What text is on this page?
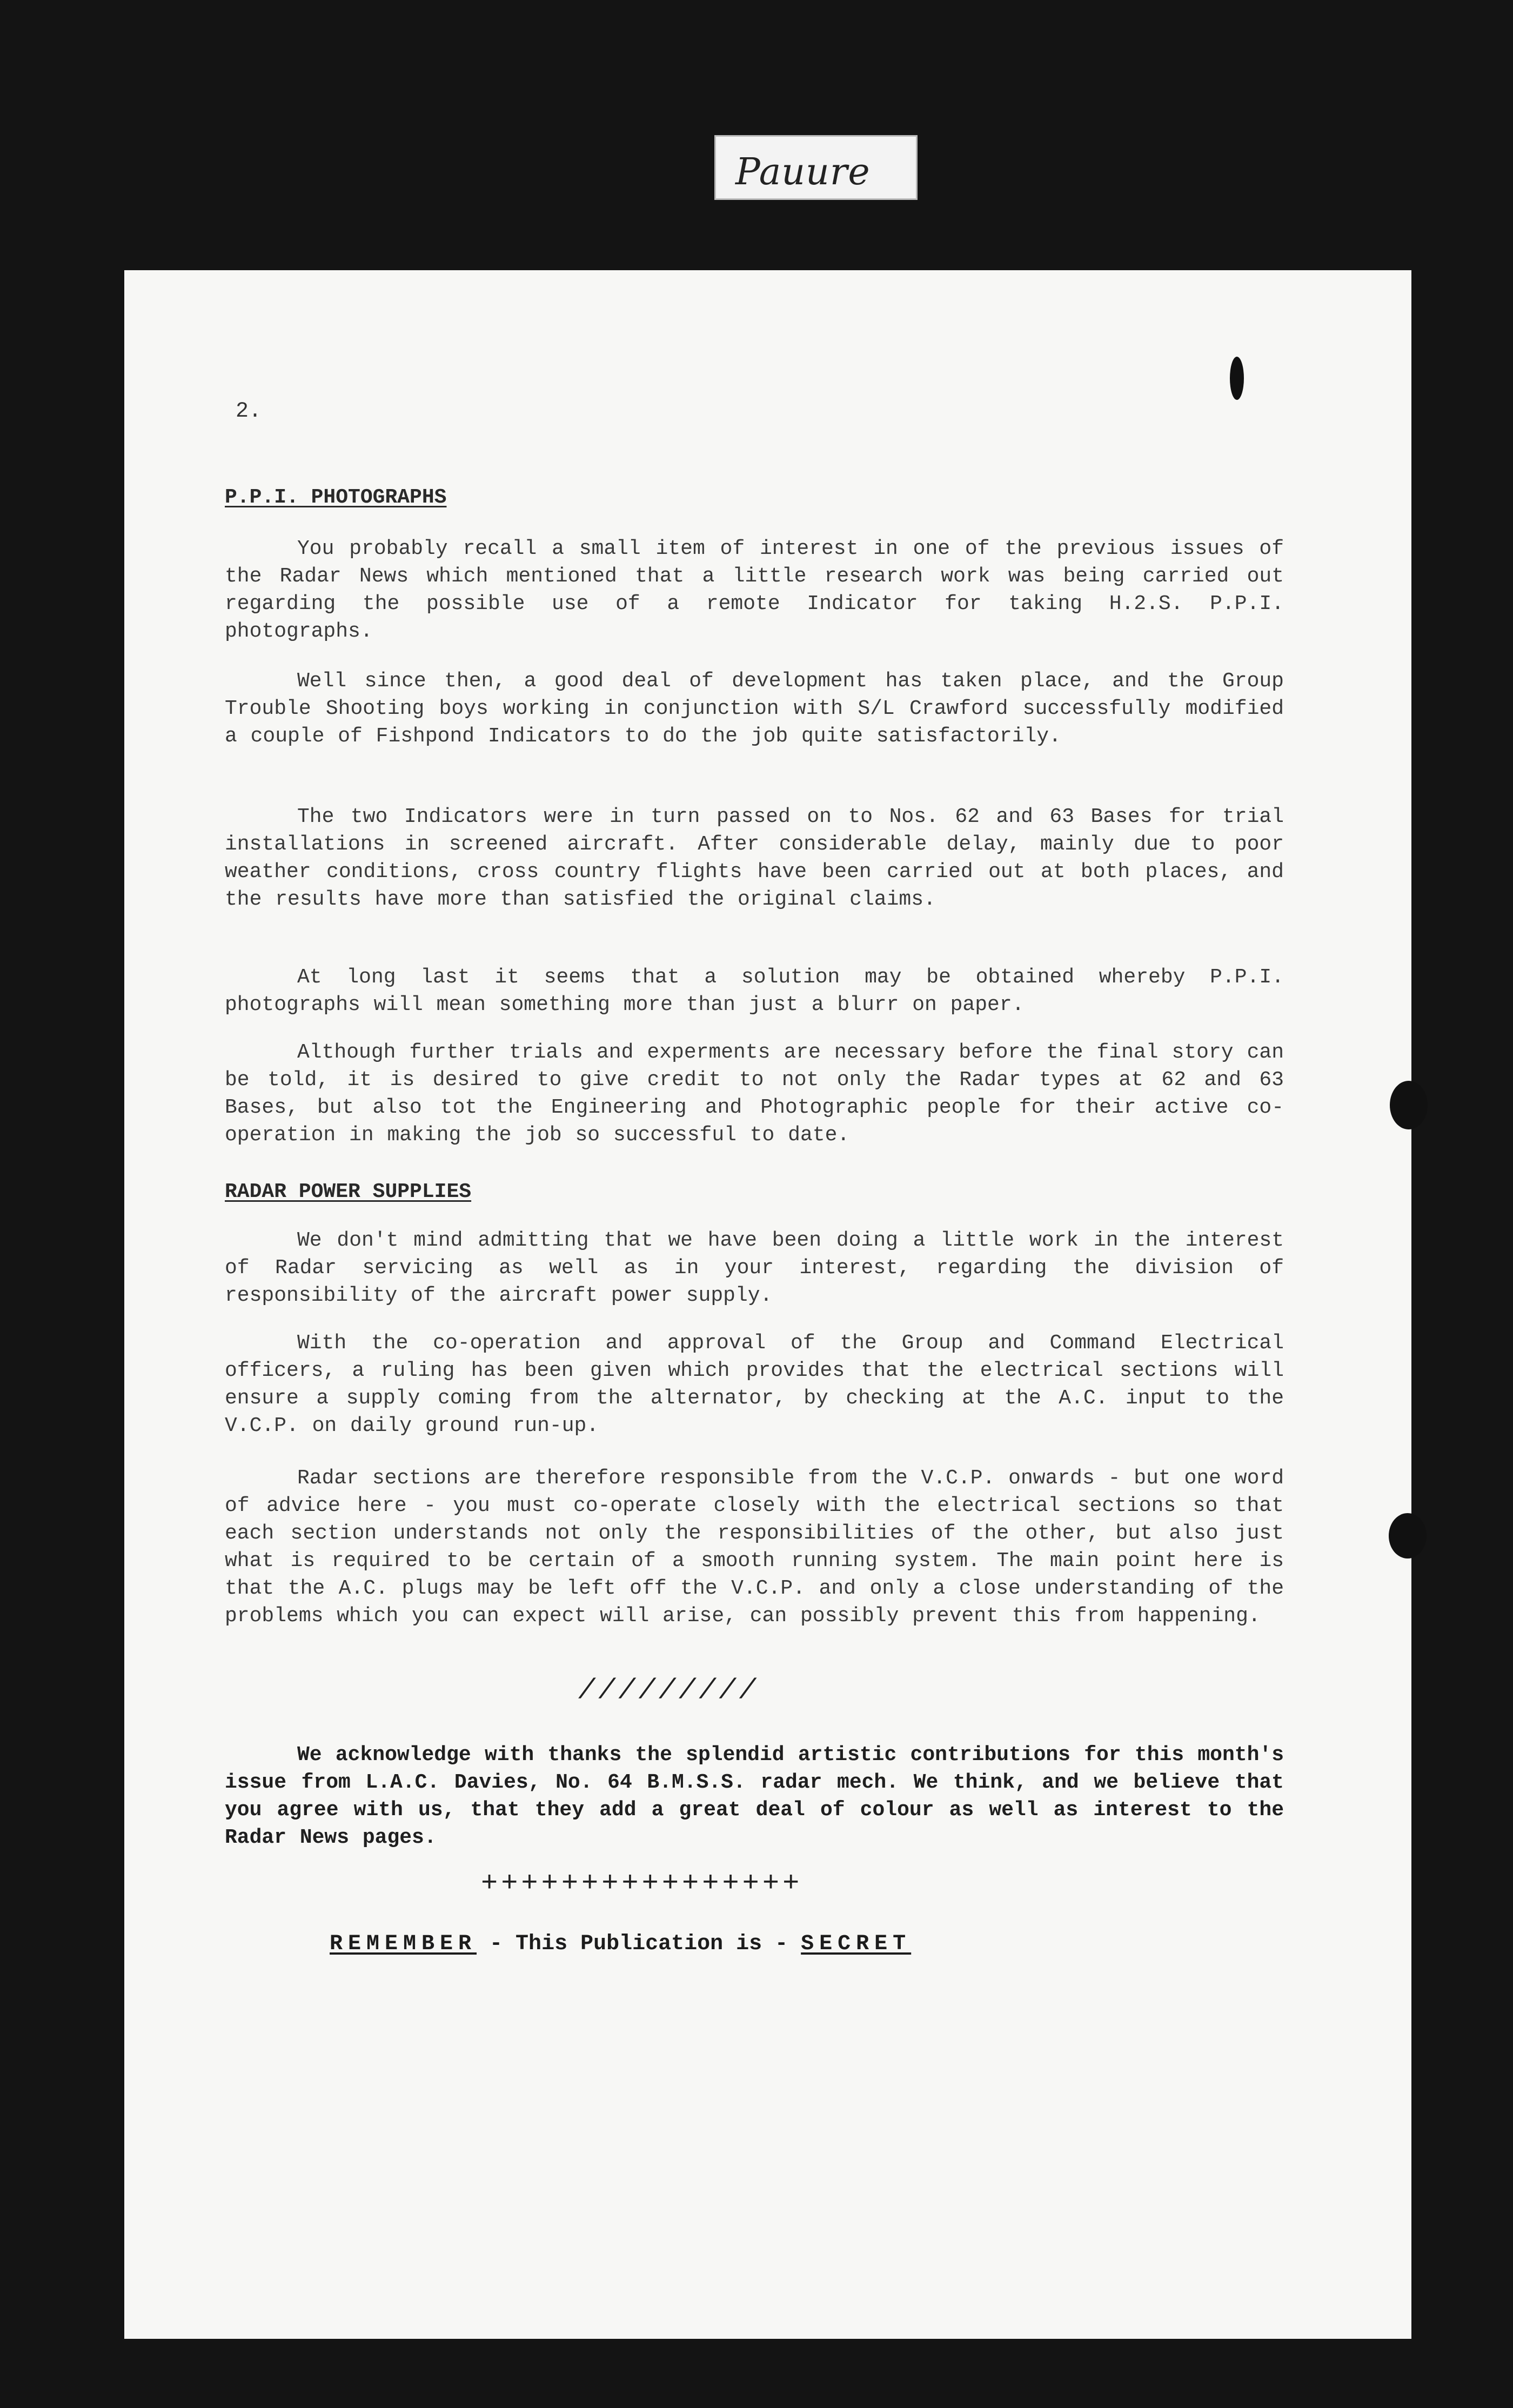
Pauure
2.
P.P.I. PHOTOGRAPHS

You probably recall a small item of interest in one of the previous issues of the Radar News which mentioned that a little research work was being carried out regarding the possible use of a remote Indicator for taking H.2.S. P.P.I. photographs.

Well since then, a good deal of development has taken place, and the Group Trouble Shooting boys working in conjunction with S/L Crawford successfully modified a couple of Fishpond Indicators to do the job quite satisfactorily.

The two Indicators were in turn passed on to Nos. 62 and 63 Bases for trial installations in screened aircraft. After considerable delay, mainly due to poor weather conditions, cross country flights have been carried out at both places, and the results have more than satisfied the original claims.

At long last it seems that a solution may be obtained whereby P.P.I. photographs will mean something more than just a blurr on paper.

Although further trials and experments are necessary before the final story can be told, it is desired to give credit to not only the Radar types at 62 and 63 Bases, but also tot the Engineering and Photographic people for their active co-operation in making the job so successful to date.

RADAR POWER SUPPLIES

We don't mind admitting that we have been doing a little work in the interest of Radar servicing as well as in your interest, regarding the division of responsibility of the aircraft power supply.

With the co-operation and approval of the Group and Command Electrical officers, a ruling has been given which provides that the electrical sections will ensure a supply coming from the alternator, by checking at the A.C. input to the V.C.P. on daily ground run-up.

Radar sections are therefore responsible from the V.C.P. onwards - but one word of advice here - you must co-operate closely with the electrical sections so that each section understands not only the responsibilities of the other, but also just what is required to be certain of a smooth running system. The main point here is that the A.C. plugs may be left off the V.C.P. and only a close understanding of the problems which you can expect will arise, can possibly prevent this from happening.

/////////

We acknowledge with thanks the splendid artistic contributions for this month's issue from L.A.C. Davies, No. 64 B.M.S.S. radar mech. We think, and we believe that you agree with us, that they add a great deal of colour as well as interest to the Radar News pages.

++++++++++++++++
REMEMBER - This Publication is - SECRET
